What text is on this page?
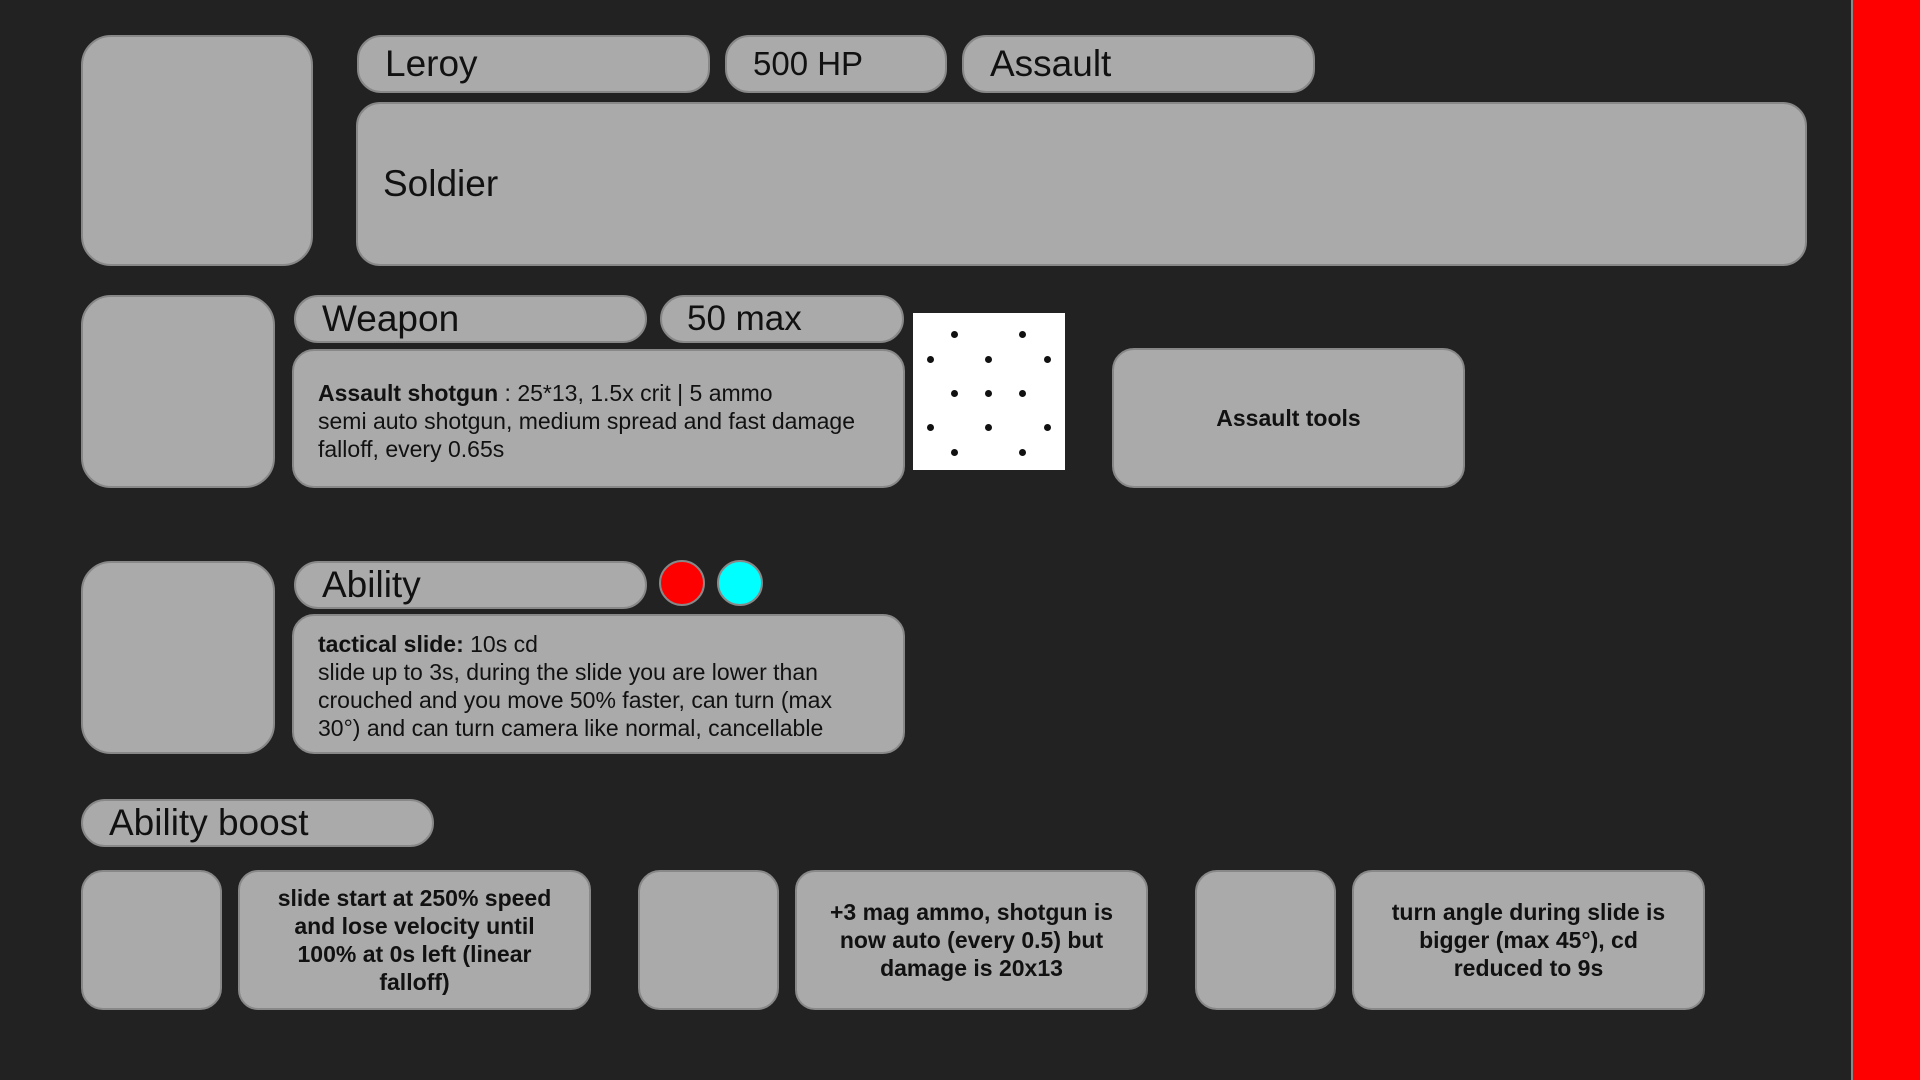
Leroy	500 HP	Assault
Soldier
Weapon	50 max
Assault shotgun : 25*13, 1.5x crit | 5 ammo
semi auto shotgun, medium spread and fast damage
falloff, every 0.65s
Assault tools
Ability
tactical slide: 10s cd
slide up to 3s, during the slide you are lower than
crouched and you move 50% faster, can turn (max
30°) and can turn camera like normal, cancellable
Ability boost
slide start at 250% speed
and lose velocity until
100% at 0s left (linear
falloff)
+3 mag ammo, shotgun is
now auto (every 0.5) but
damage is 20x13
turn angle during slide is
bigger (max 45°), cd
reduced to 9s
